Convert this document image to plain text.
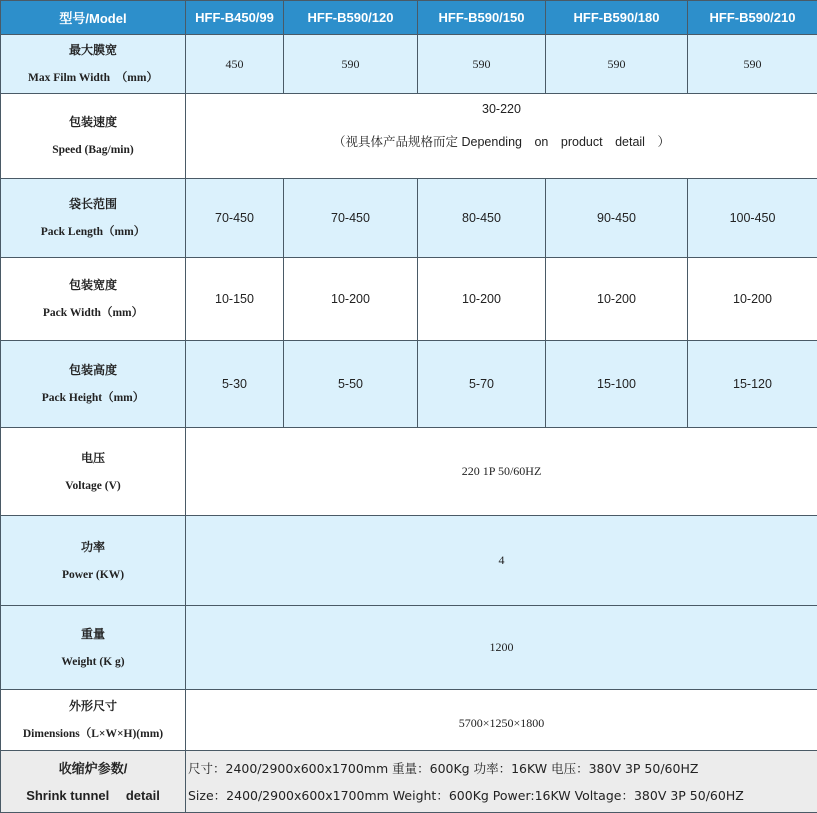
型号/Model	HFF-B450/99	HFF-B590/120	HFF-B590/150	HFF-B590/180	HFF-B590/210

最大膜宽
Max Film Width　（mm）	450	590	590	590	590

包装速度
Speed (Bag/min)	30-220
（视具体产品规格而定 Depending　on　product　detail　）				

袋长范围
Pack Length（mm）	70-450	70-450	80-450	90-450	100-450

包装宽度
Pack Width（mm）	10-150	10-200	10-200	10-200	10-200

包装高度
Pack Height（mm）	5-30	5-50	5-70	15-100	15-120

电压
Voltage (V)	220 1P 50/60HZ				

功率
Power (KW)	4				

重量
Weight (K g)	1200				

外形尺寸
Dimensions（L×W×H)(mm)	5700×1250×1800				

收缩炉参数/
Shrink tunnel　 detail	尺寸：2400/2900x600x1700mm 重量：600Kg 功率：16KW 电压：380V 3P 50/60HZ
Size：2400/2900x600x1700mm Weight：600Kg Power:16KW Voltage：380V 3P 50/60HZ				
